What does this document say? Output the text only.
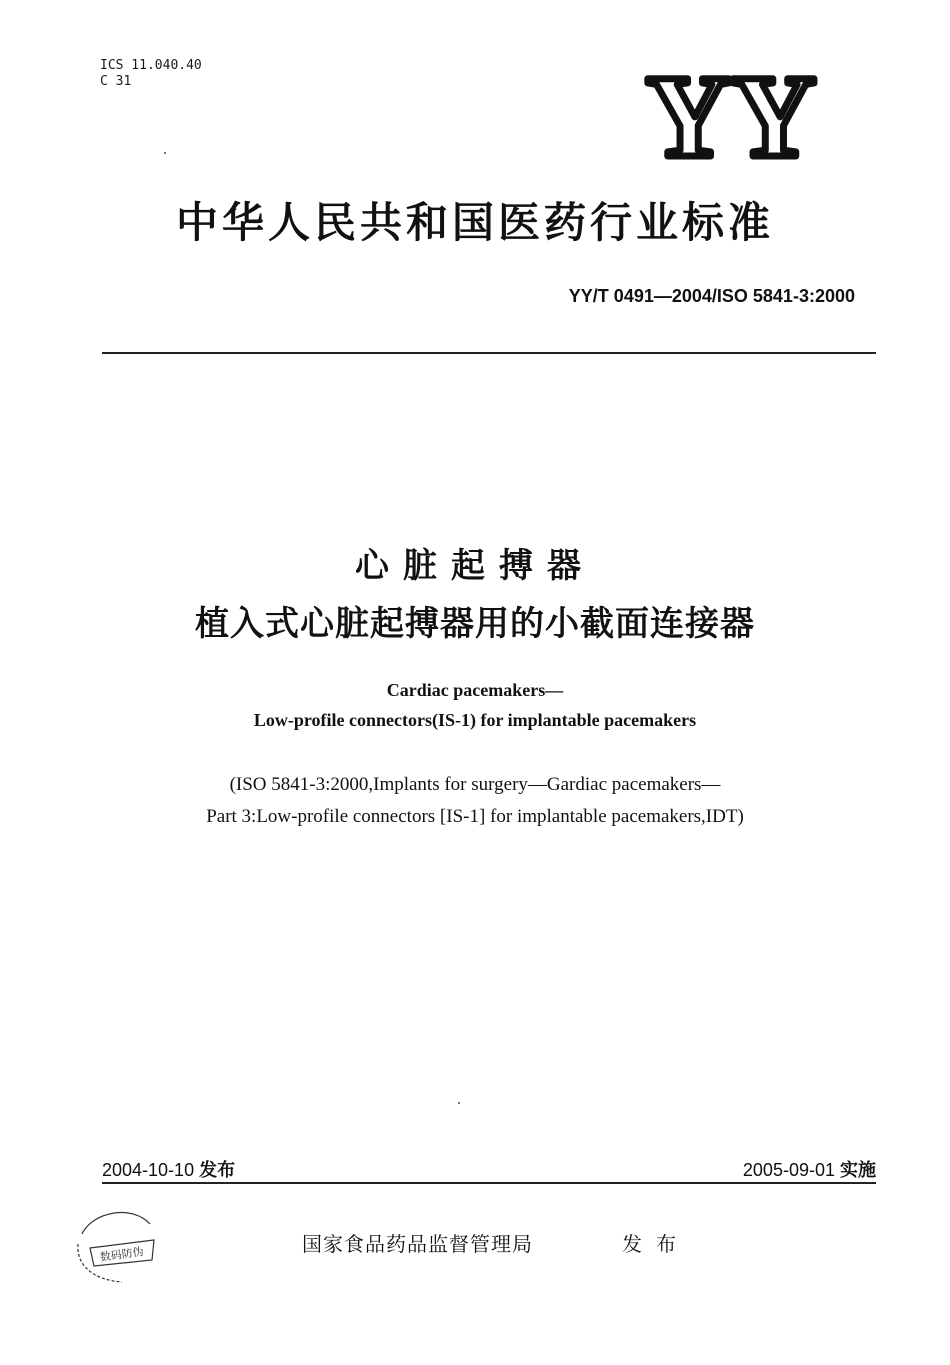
ICS 11.040.40
C 31	YY
中华人民共和国医药行业标准
YY/T 0491—2004/ISO 5841-3:2000
心脏起搏器
植入式心脏起搏器用的小截面连接器
Cardiac pacemakers—
Low-profile connectors(IS-1) for implantable pacemakers
(ISO 5841-3:2000,Implants for surgery—Gardiac pacemakers—
Part 3:Low-profile connectors [IS-1] for implantable pacemakers,IDT)
2004-10-10 发布	2005-09-01 实施
数码防伪	国家食品药品监督管理局	发布
